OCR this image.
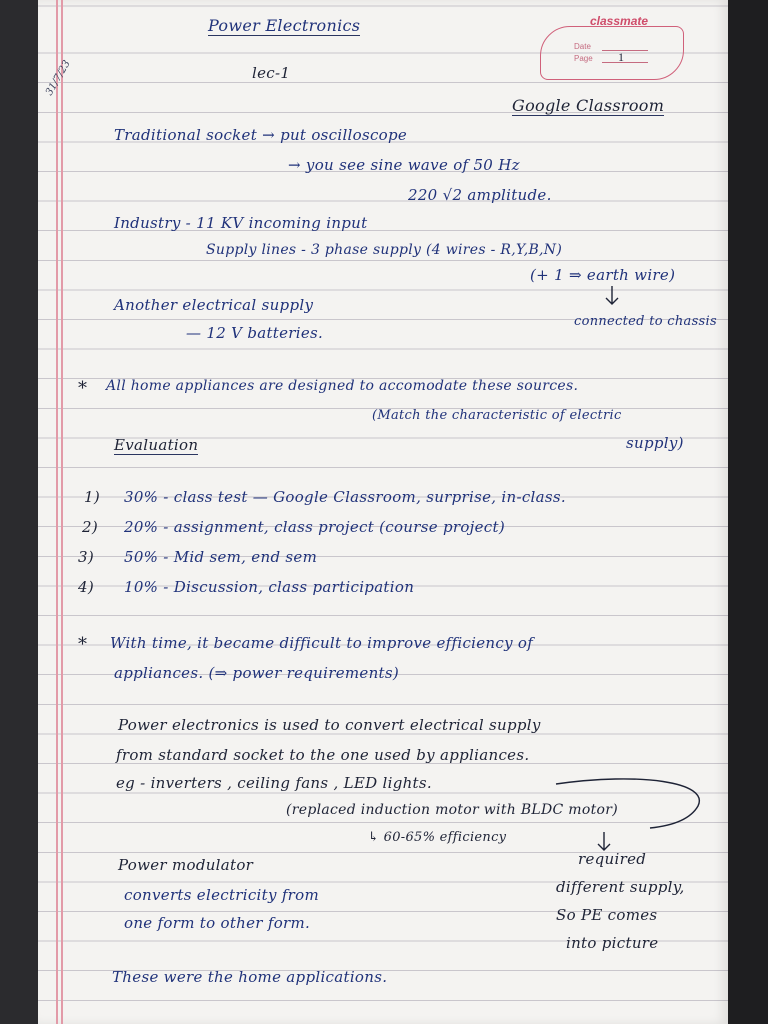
classmate
Date
Page 1
Power Electronics
lec-1
31/7/23
Google Classroom
Traditional socket → put oscilloscope
→ you see sine wave of 50 Hz
220 √2 amplitude.
Industry - 11 KV incoming input
Supply lines - 3 phase supply (4 wires - R,Y,B,N)
(+ 1 ⇒ earth wire)
Another electrical supply
— 12 V batteries.
connected to chassis
* All home appliances are designed to accomodate these sources.
(Match the characteristic of electric
supply)
Evaluation
1) 30% - class test — Google Classroom, surprise, in-class.
2) 20% - assignment, class project (course project)
3) 50% - Mid sem, end sem
4) 10% - Discussion, class participation
* With time, it became difficult to improve efficiency of
appliances. (⇒ power requirements)
Power electronics is used to convert electrical supply
from standard socket to the one used by appliances.
eg - inverters , ceiling fans , LED lights.
(replaced induction motor with BLDC motor)
↳ 60-65% efficiency
Power modulator
converts electricity from
one form to other form.
required
different supply,
So PE comes
into picture
These were the home applications.
